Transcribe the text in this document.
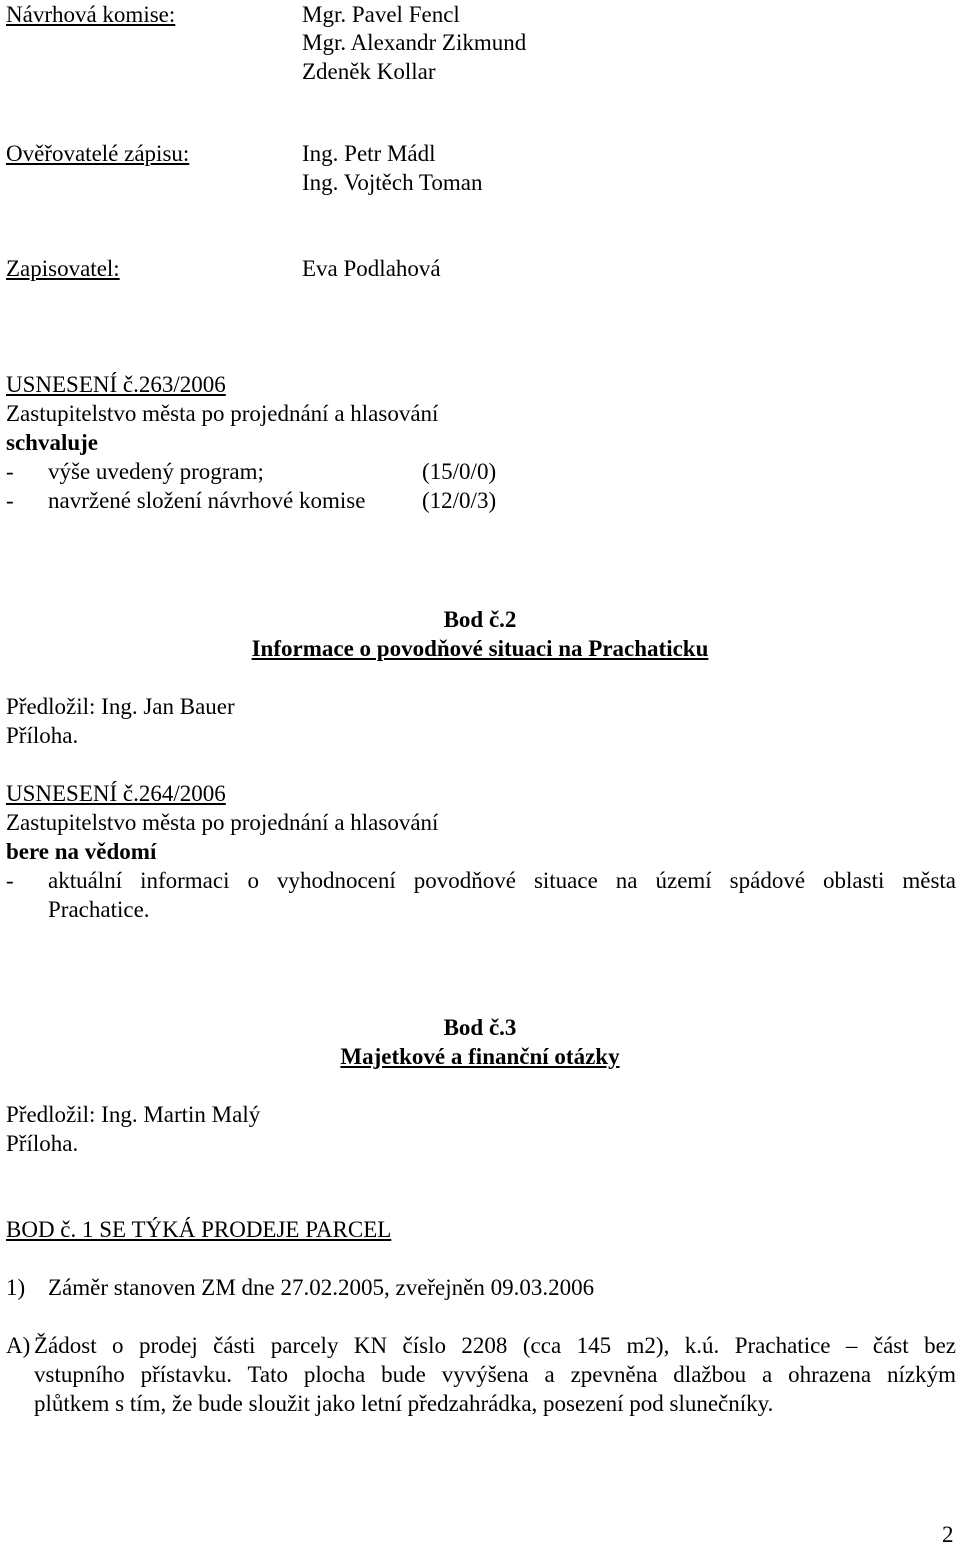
Návrhová komise:	Mgr. Pavel Fencl
Mgr. Alexandr Zikmund
Zdeněk Kollar
Ověřovatelé zápisu:	Ing. Petr Mádl
Ing. Vojtěch Toman
Zapisovatel:	Eva Podlahová
USNESENÍ č.263/2006
Zastupitelstvo města po projednání a hlasování
schvaluje
- výše uvedený program;	(15/0/0)
- navržené složení návrhové komise (12/0/3)
Bod č.2
Informace o povodňové situaci na Prachaticku
Předložil: Ing. Jan Bauer
Příloha.
USNESENÍ č.264/2006
Zastupitelstvo města po projednání a hlasování
bere na vědomí
- aktuální informaci o vyhodnocení povodňové situace na území spádové oblasti města
Prachatice.
Bod č.3
Majetkové a finanční otázky
Předložil: Ing. Martin Malý
Příloha.
BOD č. 1 SE TÝKÁ PRODEJE PARCEL
1) Záměr stanoven ZM dne 27.02.2005, zveřejněn 09.03.2006
A) Žádost o prodej části parcely KN číslo 2208 (cca 145 m2), k.ú. Prachatice – část bez
vstupního přístavku. Tato plocha bude vyvýšena a zpevněna dlažbou a ohrazena nízkým
plůtkem s tím, že bude sloužit jako letní předzahrádka, posezení pod slunečníky.
2
